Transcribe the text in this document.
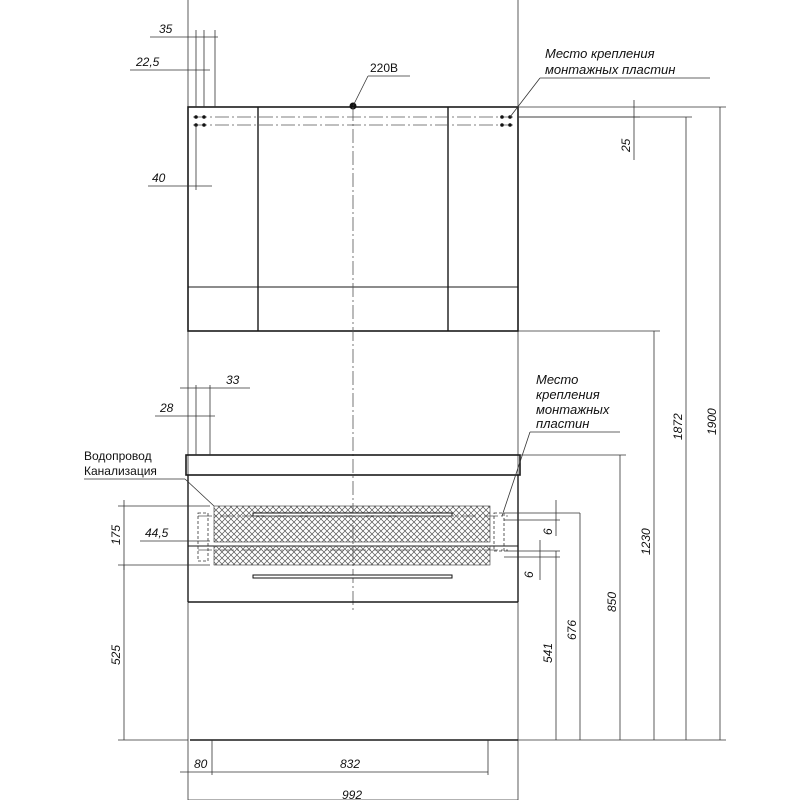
35
22,5
40
220В
Место крепления
монтажных пластин
25
33
28
44,5
Водопровод
Канализация
175
525
Место
крепления
монтажных
пластин
6
6
541
676
850
1230
1872 1900
80	832
992
